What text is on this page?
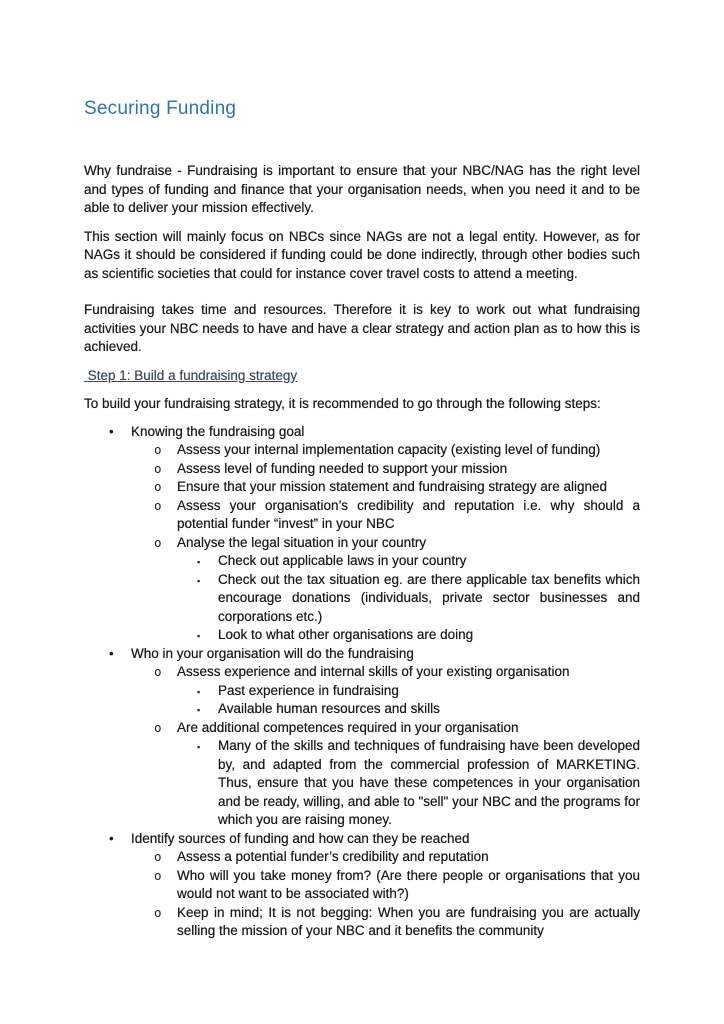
Securing Funding

Why fundraise - Fundraising is important to ensure that your NBC/NAG has the right level and types of funding and finance that your organisation needs, when you need it and to be able to deliver your mission effectively.

This section will mainly focus on NBCs since NAGs are not a legal entity. However, as for NAGs it should be considered if funding could be done indirectly, through other bodies such as scientific societies that could for instance cover travel costs to attend a meeting.

Fundraising takes time and resources. Therefore it is key to work out what fundraising activities your NBC needs to have and have a clear strategy and action plan as to how this is achieved.

Step 1: Build a fundraising strategy

To build your fundraising strategy, it is recommended to go through the following steps:

• Knowing the fundraising goal
o Assess your internal implementation capacity (existing level of funding)
o Assess level of funding needed to support your mission
o Ensure that your mission statement and fundraising strategy are aligned
o Assess your organisation’s credibility and reputation i.e. why should a potential funder “invest” in your NBC
o Analyse the legal situation in your country
▪ Check out applicable laws in your country
▪ Check out the tax situation eg. are there applicable tax benefits which encourage donations (individuals, private sector businesses and corporations etc.)
▪ Look to what other organisations are doing
• Who in your organisation will do the fundraising
o Assess experience and internal skills of your existing organisation
▪ Past experience in fundraising
▪ Available human resources and skills
o Are additional competences required in your organisation
▪ Many of the skills and techniques of fundraising have been developed by, and adapted from the commercial profession of MARKETING. Thus, ensure that you have these competences in your organisation and be ready, willing, and able to "sell" your NBC and the programs for which you are raising money.
• Identify sources of funding and how can they be reached
o Assess a potential funder’s credibility and reputation
o Who will you take money from? (Are there people or organisations that you would not want to be associated with?)
o Keep in mind; It is not begging: When you are fundraising you are actually selling the mission of your NBC and it benefits the community
